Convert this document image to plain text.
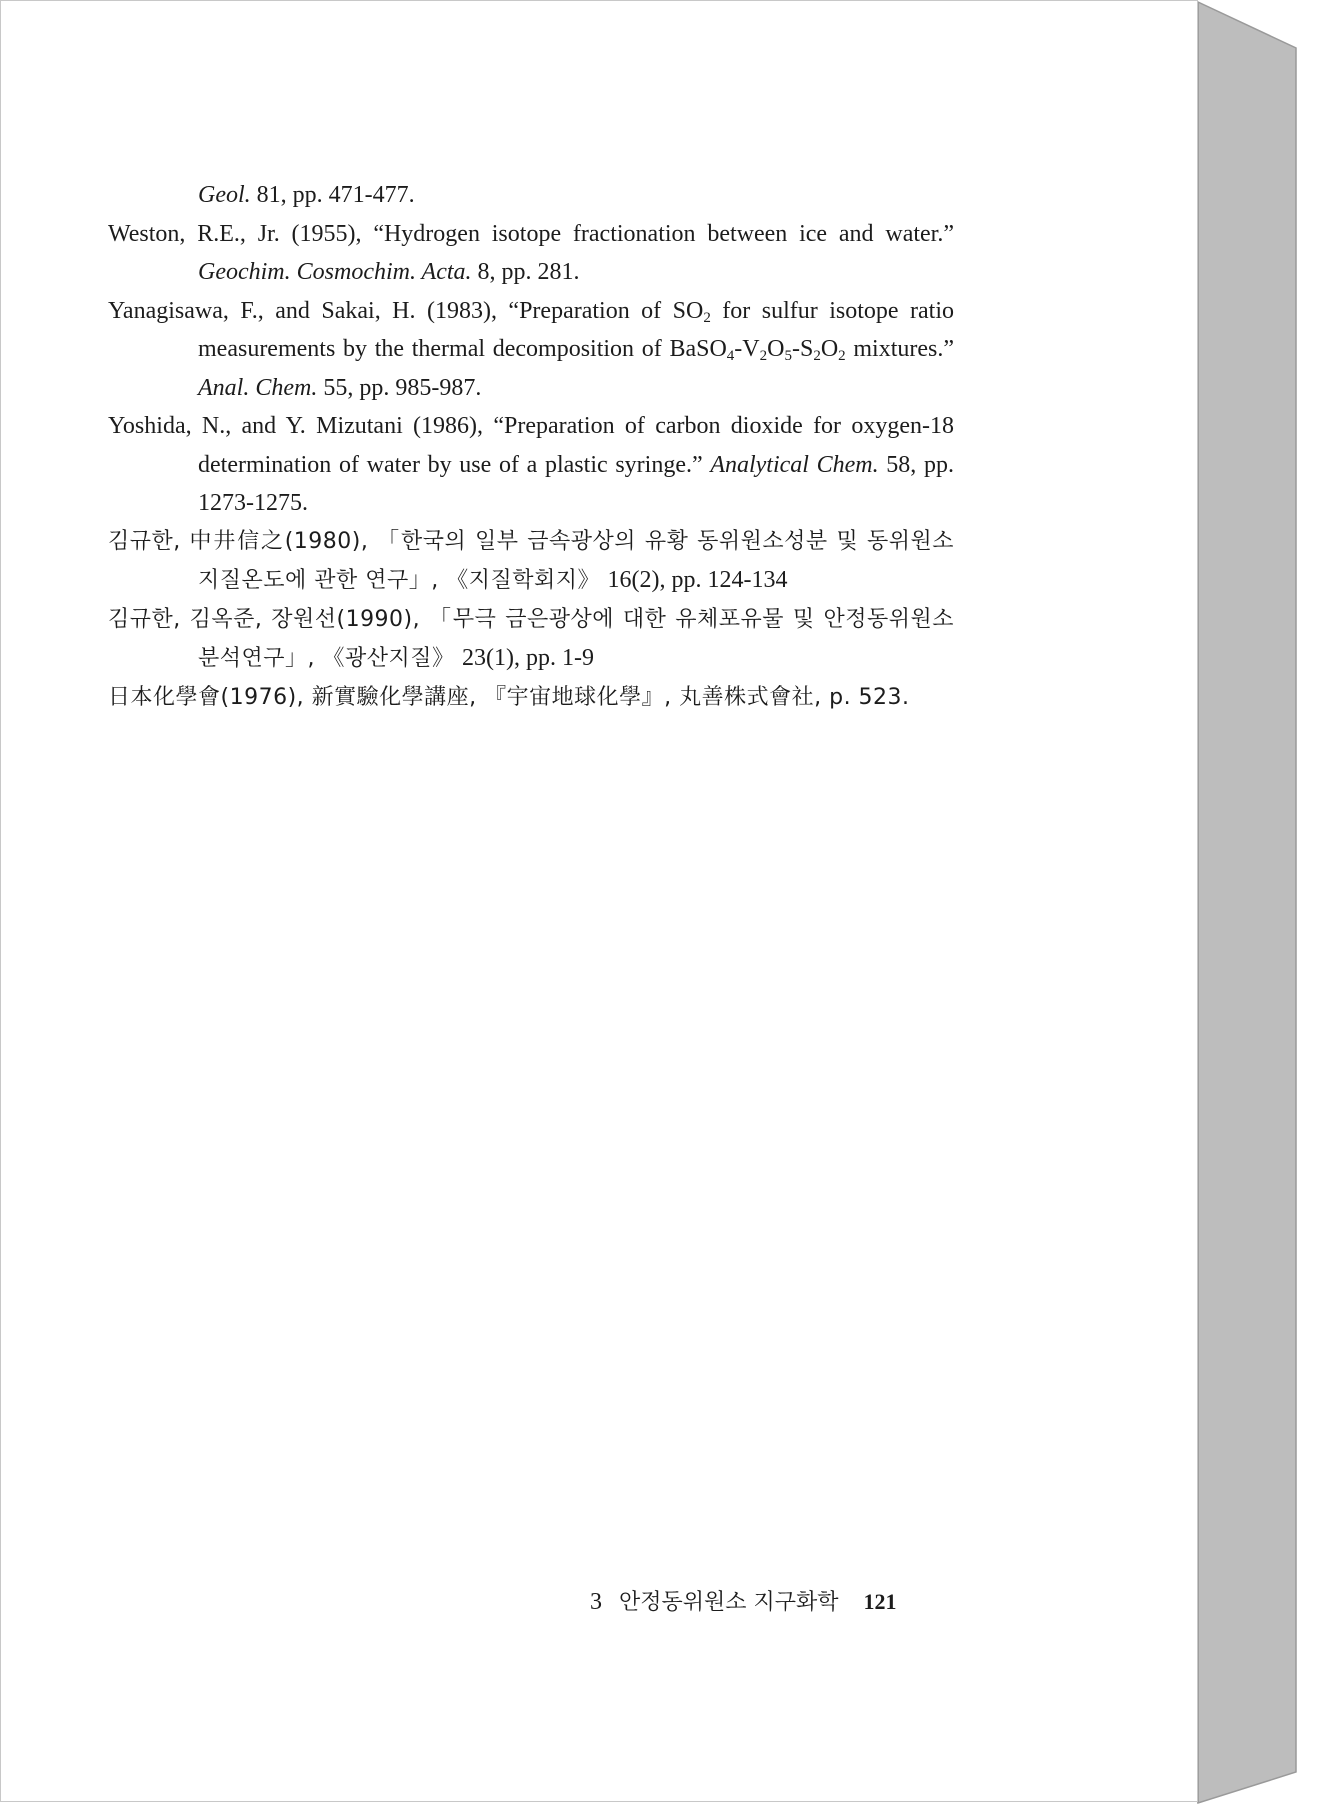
Geol. 81, pp. 471-477.

Weston, R.E., Jr. (1955), “Hydrogen isotope fractionation between ice and water.” Geochim. Cosmochim. Acta. 8, pp. 281.

Yanagisawa, F., and Sakai, H. (1983), “Preparation of $SO_2$ for sulfur isotope ratio measurements by the thermal decomposition of $BaSO_4-V_2O_5-S_2O_2$ mixtures.” Anal. Chem. 55, pp. 985-987.

Yoshida, N., and Y. Mizutani (1986), “Preparation of carbon dioxide for oxygen-18 determination of water by use of a plastic syringe.” Analytical Chem. 58, pp. 1273-1275.

김규한, 中井信之(1980), 「한국의 일부 금속광상의 유황 동위원소성분 및 동위원소 지질온도에 관한 연구」, 《지질학회지》 16(2), pp. 124-134

김규한, 김옥준, 장원선(1990), 「무극 금은광상에 대한 유체포유물 및 안정동위원소 분석연구」, 《광산지질》 23(1), pp. 1-9

日本化學會(1976), 新實驗化學講座, 『宇宙地球化學』, 丸善株式會社, p. 523.

3 안정동위원소 지구화학 121
